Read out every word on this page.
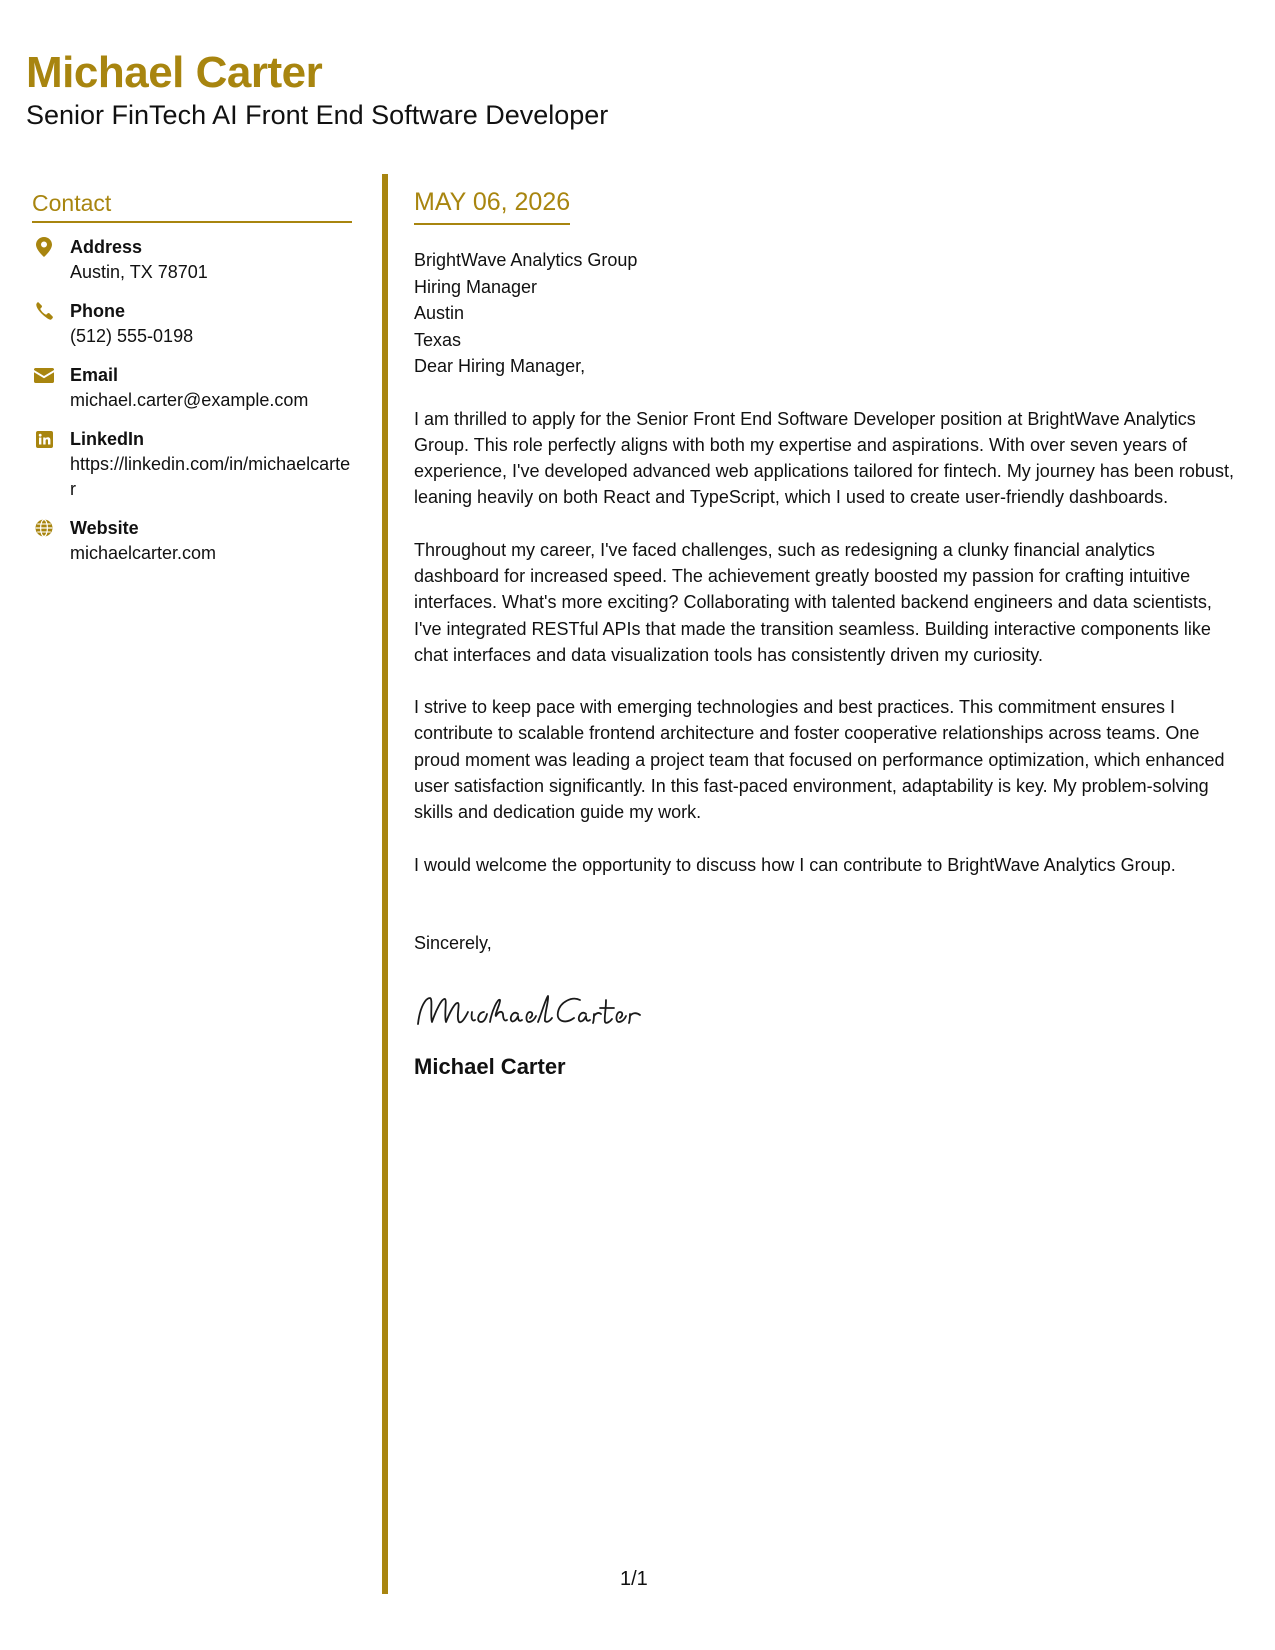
Michael Carter
Senior FinTech AI Front End Software Developer
Contact
Address
Austin, TX 78701
Phone
(512) 555-0198
Email
michael.carter@example.com
LinkedIn
https://linkedin.com/in/michaelcarter
Website
michaelcarter.com
MAY 06, 2026
BrightWave Analytics Group
Hiring Manager
Austin
Texas
Dear Hiring Manager,

I am thrilled to apply for the Senior Front End Software Developer position at BrightWave Analytics Group. This role perfectly aligns with both my expertise and aspirations. With over seven years of experience, I've developed advanced web applications tailored for fintech. My journey has been robust, leaning heavily on both React and TypeScript, which I used to create user-friendly dashboards.

Throughout my career, I've faced challenges, such as redesigning a clunky financial analytics dashboard for increased speed. The achievement greatly boosted my passion for crafting intuitive interfaces. What's more exciting? Collaborating with talented backend engineers and data scientists, I've integrated RESTful APIs that made the transition seamless. Building interactive components like chat interfaces and data visualization tools has consistently driven my curiosity.

I strive to keep pace with emerging technologies and best practices. This commitment ensures I contribute to scalable frontend architecture and foster cooperative relationships across teams. One proud moment was leading a project team that focused on performance optimization, which enhanced user satisfaction significantly. In this fast-paced environment, adaptability is key. My problem-solving skills and dedication guide my work.

I would welcome the opportunity to discuss how I can contribute to BrightWave Analytics Group.

Sincerely,
Michael Carter
1/1
